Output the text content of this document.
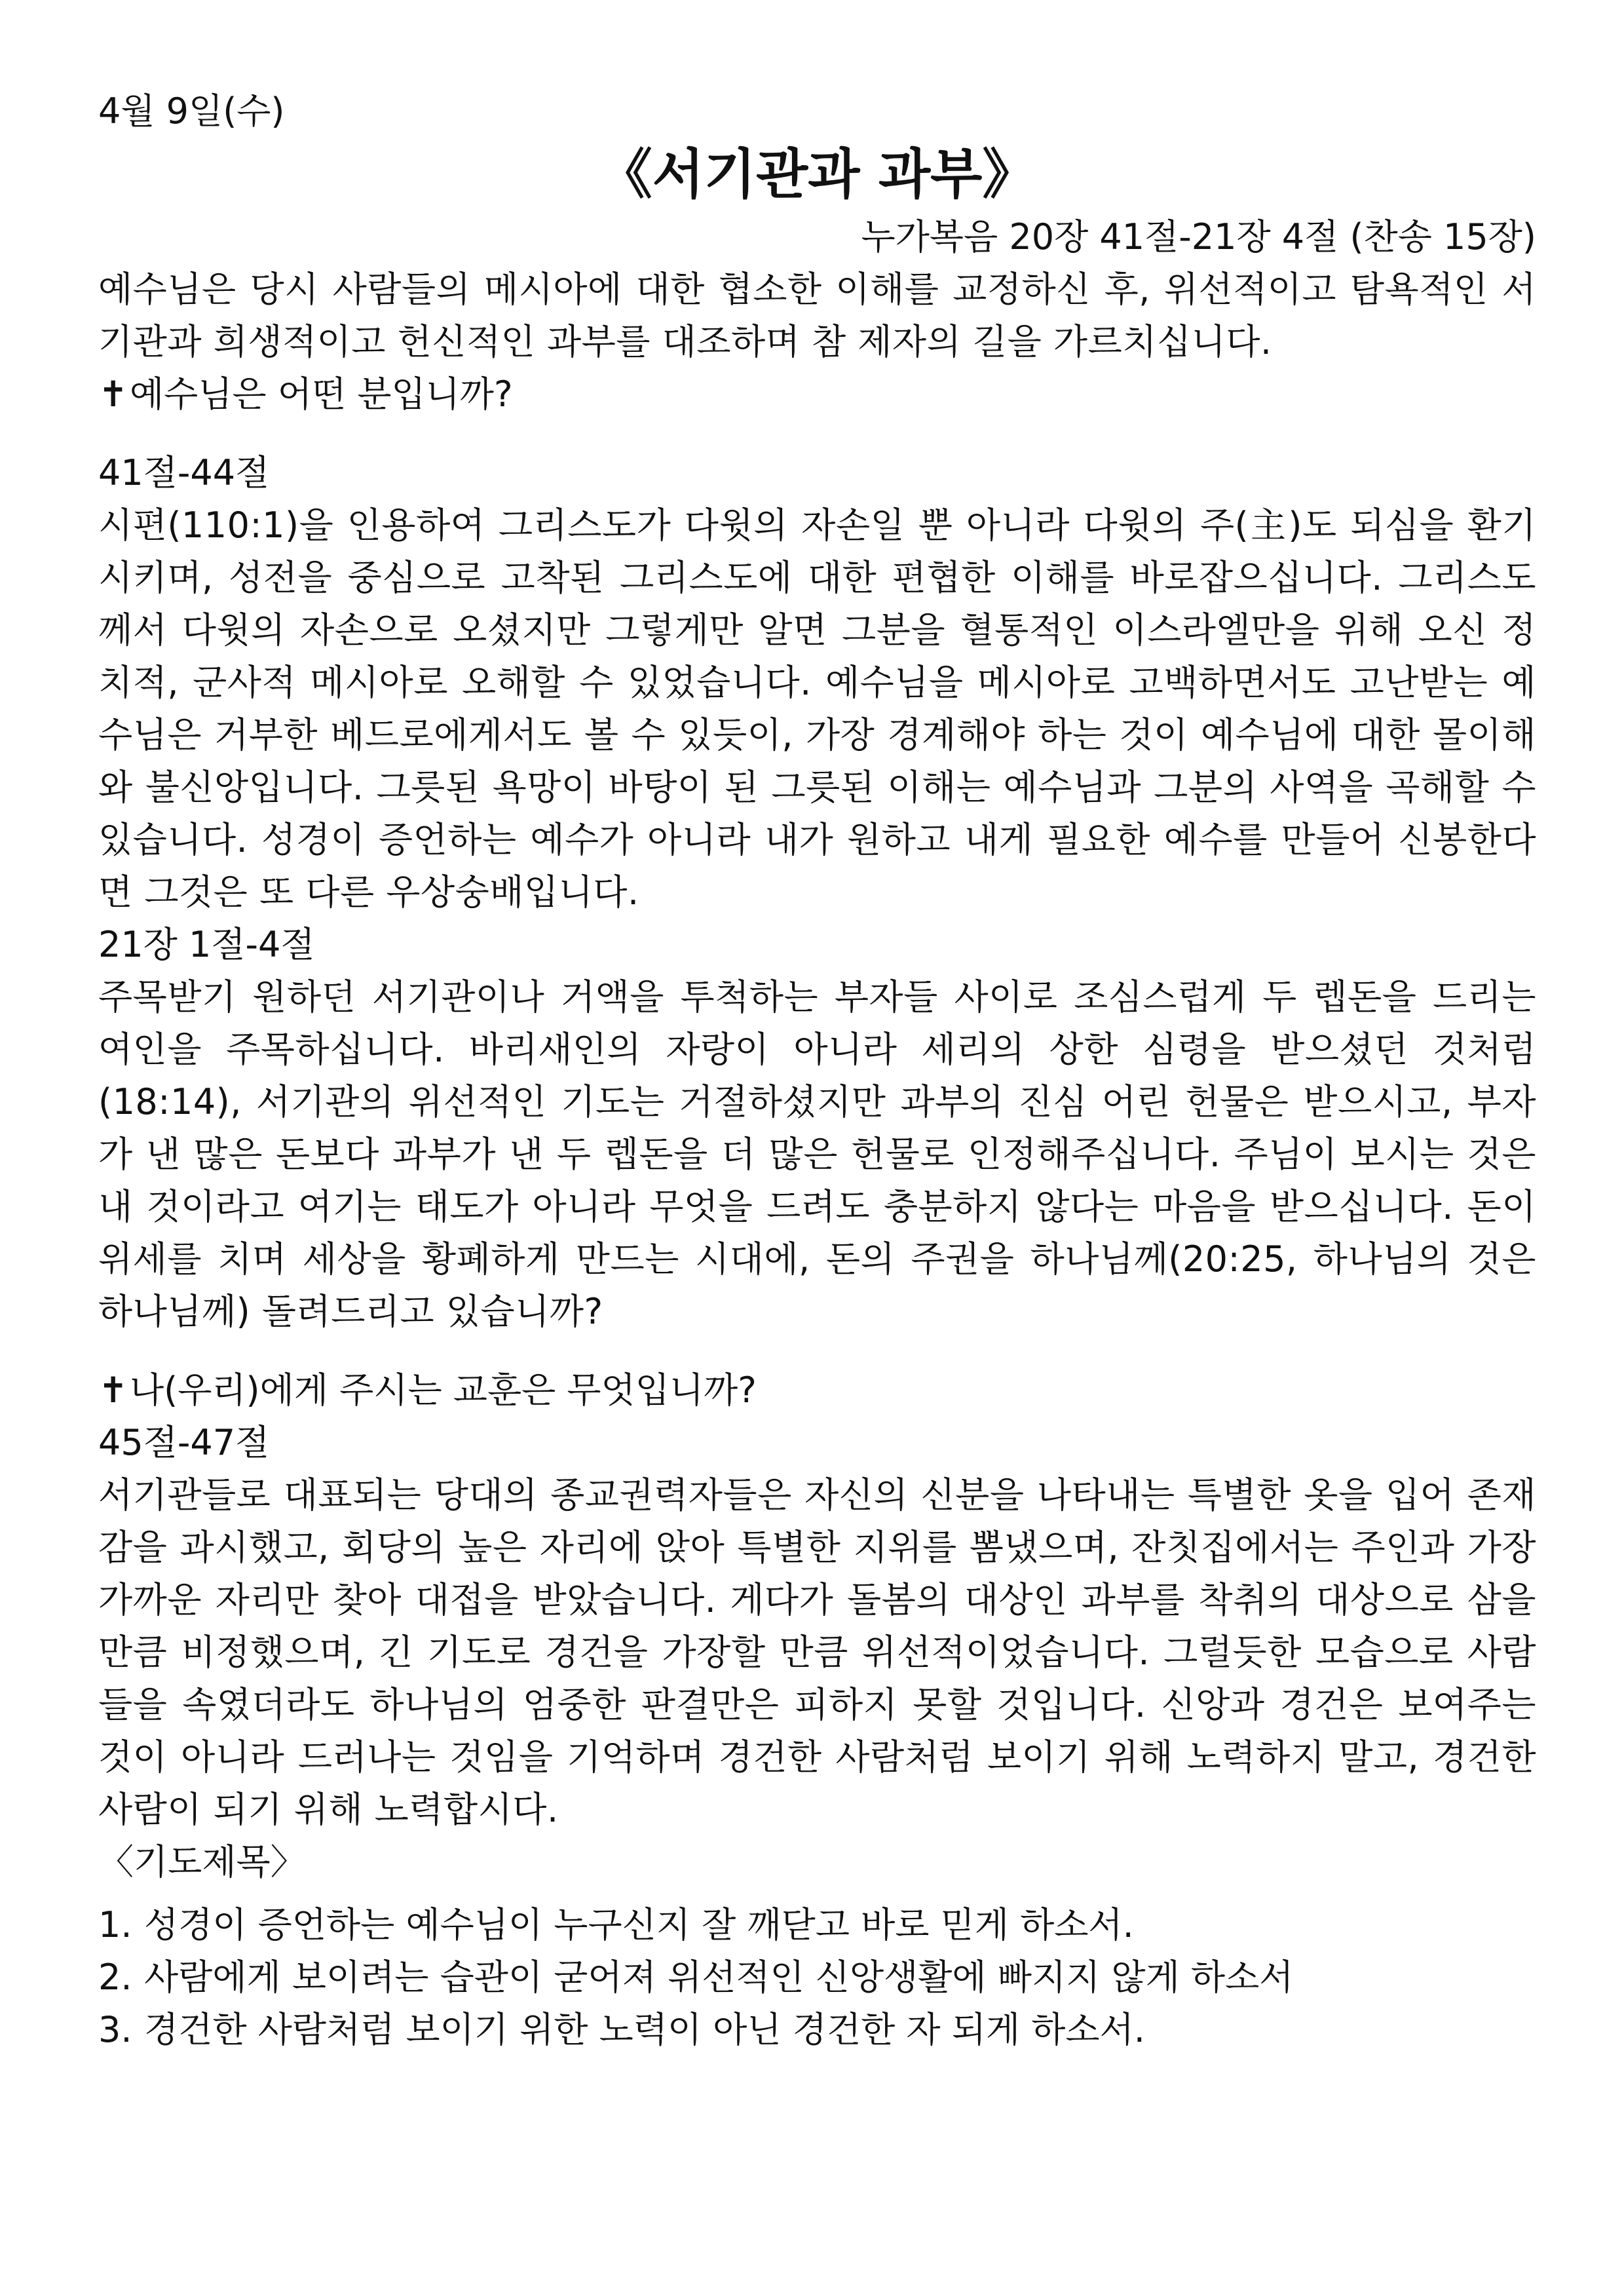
4월 9일(수)

《서기관과 과부》

누가복음 20장 41절-21장 4절 (찬송 15장)

예수님은 당시 사람들의 메시아에 대한 협소한 이해를 교정하신 후, 위선적이고 탐욕적인 서기관과 희생적이고 헌신적인 과부를 대조하며 참 제자의 길을 가르치십니다.

✝예수님은 어떤 분입니까?

41절-44절

시편(110:1)을 인용하여 그리스도가 다윗의 자손일 뿐 아니라 다윗의 주(主)도 되심을 환기시키며, 성전을 중심으로 고착된 그리스도에 대한 편협한 이해를 바로잡으십니다. 그리스도께서 다윗의 자손으로 오셨지만 그렇게만 알면 그분을 혈통적인 이스라엘만을 위해 오신 정치적, 군사적 메시아로 오해할 수 있었습니다. 예수님을 메시아로 고백하면서도 고난받는 예수님은 거부한 베드로에게서도 볼 수 있듯이, 가장 경계해야 하는 것이 예수님에 대한 몰이해와 불신앙입니다. 그릇된 욕망이 바탕이 된 그릇된 이해는 예수님과 그분의 사역을 곡해할 수 있습니다. 성경이 증언하는 예수가 아니라 내가 원하고 내게 필요한 예수를 만들어 신봉한다면 그것은 또 다른 우상숭배입니다.

21장 1절-4절

주목받기 원하던 서기관이나 거액을 투척하는 부자들 사이로 조심스럽게 두 렙돈을 드리는 여인을 주목하십니다. 바리새인의 자랑이 아니라 세리의 상한 심령을 받으셨던 것처럼(18:14), 서기관의 위선적인 기도는 거절하셨지만 과부의 진심 어린 헌물은 받으시고, 부자가 낸 많은 돈보다 과부가 낸 두 렙돈을 더 많은 헌물로 인정해주십니다. 주님이 보시는 것은 내 것이라고 여기는 태도가 아니라 무엇을 드려도 충분하지 않다는 마음을 받으십니다. 돈이 위세를 치며 세상을 황폐하게 만드는 시대에, 돈의 주권을 하나님께(20:25, 하나님의 것은 하나님께) 돌려드리고 있습니까?

✝나(우리)에게 주시는 교훈은 무엇입니까?

45절-47절

서기관들로 대표되는 당대의 종교권력자들은 자신의 신분을 나타내는 특별한 옷을 입어 존재감을 과시했고, 회당의 높은 자리에 앉아 특별한 지위를 뽐냈으며, 잔칫집에서는 주인과 가장 가까운 자리만 찾아 대접을 받았습니다. 게다가 돌봄의 대상인 과부를 착취의 대상으로 삼을 만큼 비정했으며, 긴 기도로 경건을 가장할 만큼 위선적이었습니다. 그럴듯한 모습으로 사람들을 속였더라도 하나님의 엄중한 판결만은 피하지 못할 것입니다. 신앙과 경건은 보여주는 것이 아니라 드러나는 것임을 기억하며 경건한 사람처럼 보이기 위해 노력하지 말고, 경건한 사람이 되기 위해 노력합시다.

〈기도제목〉

1. 성경이 증언하는 예수님이 누구신지 잘 깨닫고 바로 믿게 하소서.
2. 사람에게 보이려는 습관이 굳어져 위선적인 신앙생활에 빠지지 않게 하소서
3. 경건한 사람처럼 보이기 위한 노력이 아닌 경건한 자 되게 하소서.
